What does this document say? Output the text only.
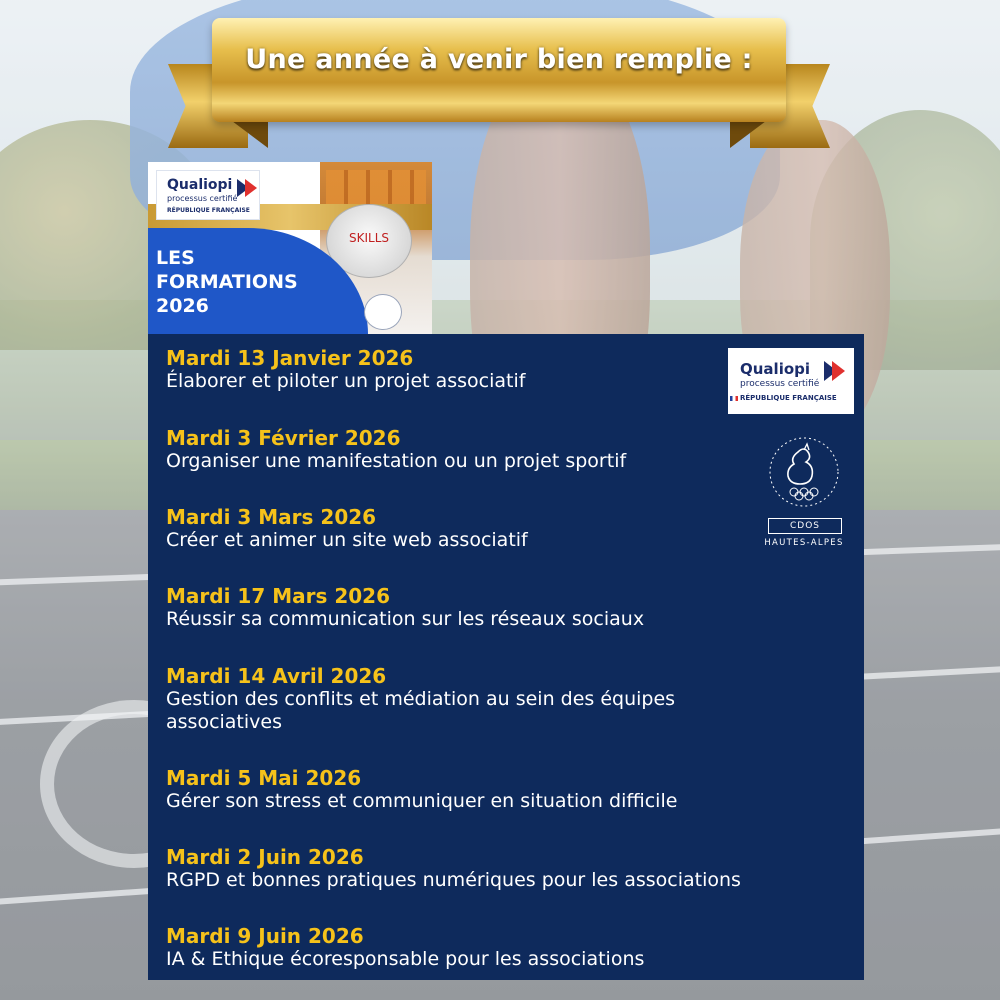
Une année à venir bien remplie :
SKILLS
Qualiopi
processus certifié
RÉPUBLIQUE FRANÇAISE
LES
FORMATIONS
2026
Mardi 13 Janvier 2026
Élaborer et piloter un projet associatif
Mardi 3 Février 2026
Organiser une manifestation ou un projet sportif
Mardi 3 Mars 2026
Créer et animer un site web associatif
Mardi 17 Mars 2026
Réussir sa communication sur les réseaux sociaux
Mardi 14 Avril 2026
Gestion des conflits et médiation au sein des équipes associatives
Mardi 5 Mai 2026
Gérer son stress et communiquer en situation difficile
Mardi 2 Juin 2026
RGPD et bonnes pratiques numériques pour les associations
Mardi 9 Juin 2026
IA & Ethique écoresponsable pour les associations
Qualiopi
processus certifié
RÉPUBLIQUE FRANÇAISE
CDOS
HAUTES-ALPES
